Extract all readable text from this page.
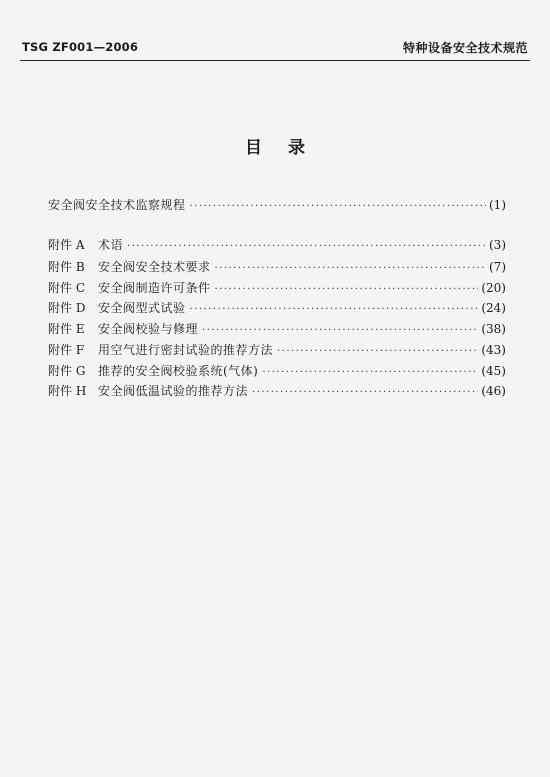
TSG ZF001—2006	特种设备安全技术规范
目录
安全阀安全技术监察规程 ·····	(1)
附件 A	术语 ·····	(3)
附件 B	安全阀安全技术要求 ·····	(7)
附件 C	安全阀制造许可条件 ·····	(20)
附件 D	安全阀型式试验 ·····	(24)
附件 E	安全阀校验与修理 ·····	(38)
附件 F	用空气进行密封试验的推荐方法 ·····	(43)
附件 G	推荐的安全阀校验系统(气体) ·····	(45)
附件 H 安全阀低温试验的推荐方法 ·····	(46)
